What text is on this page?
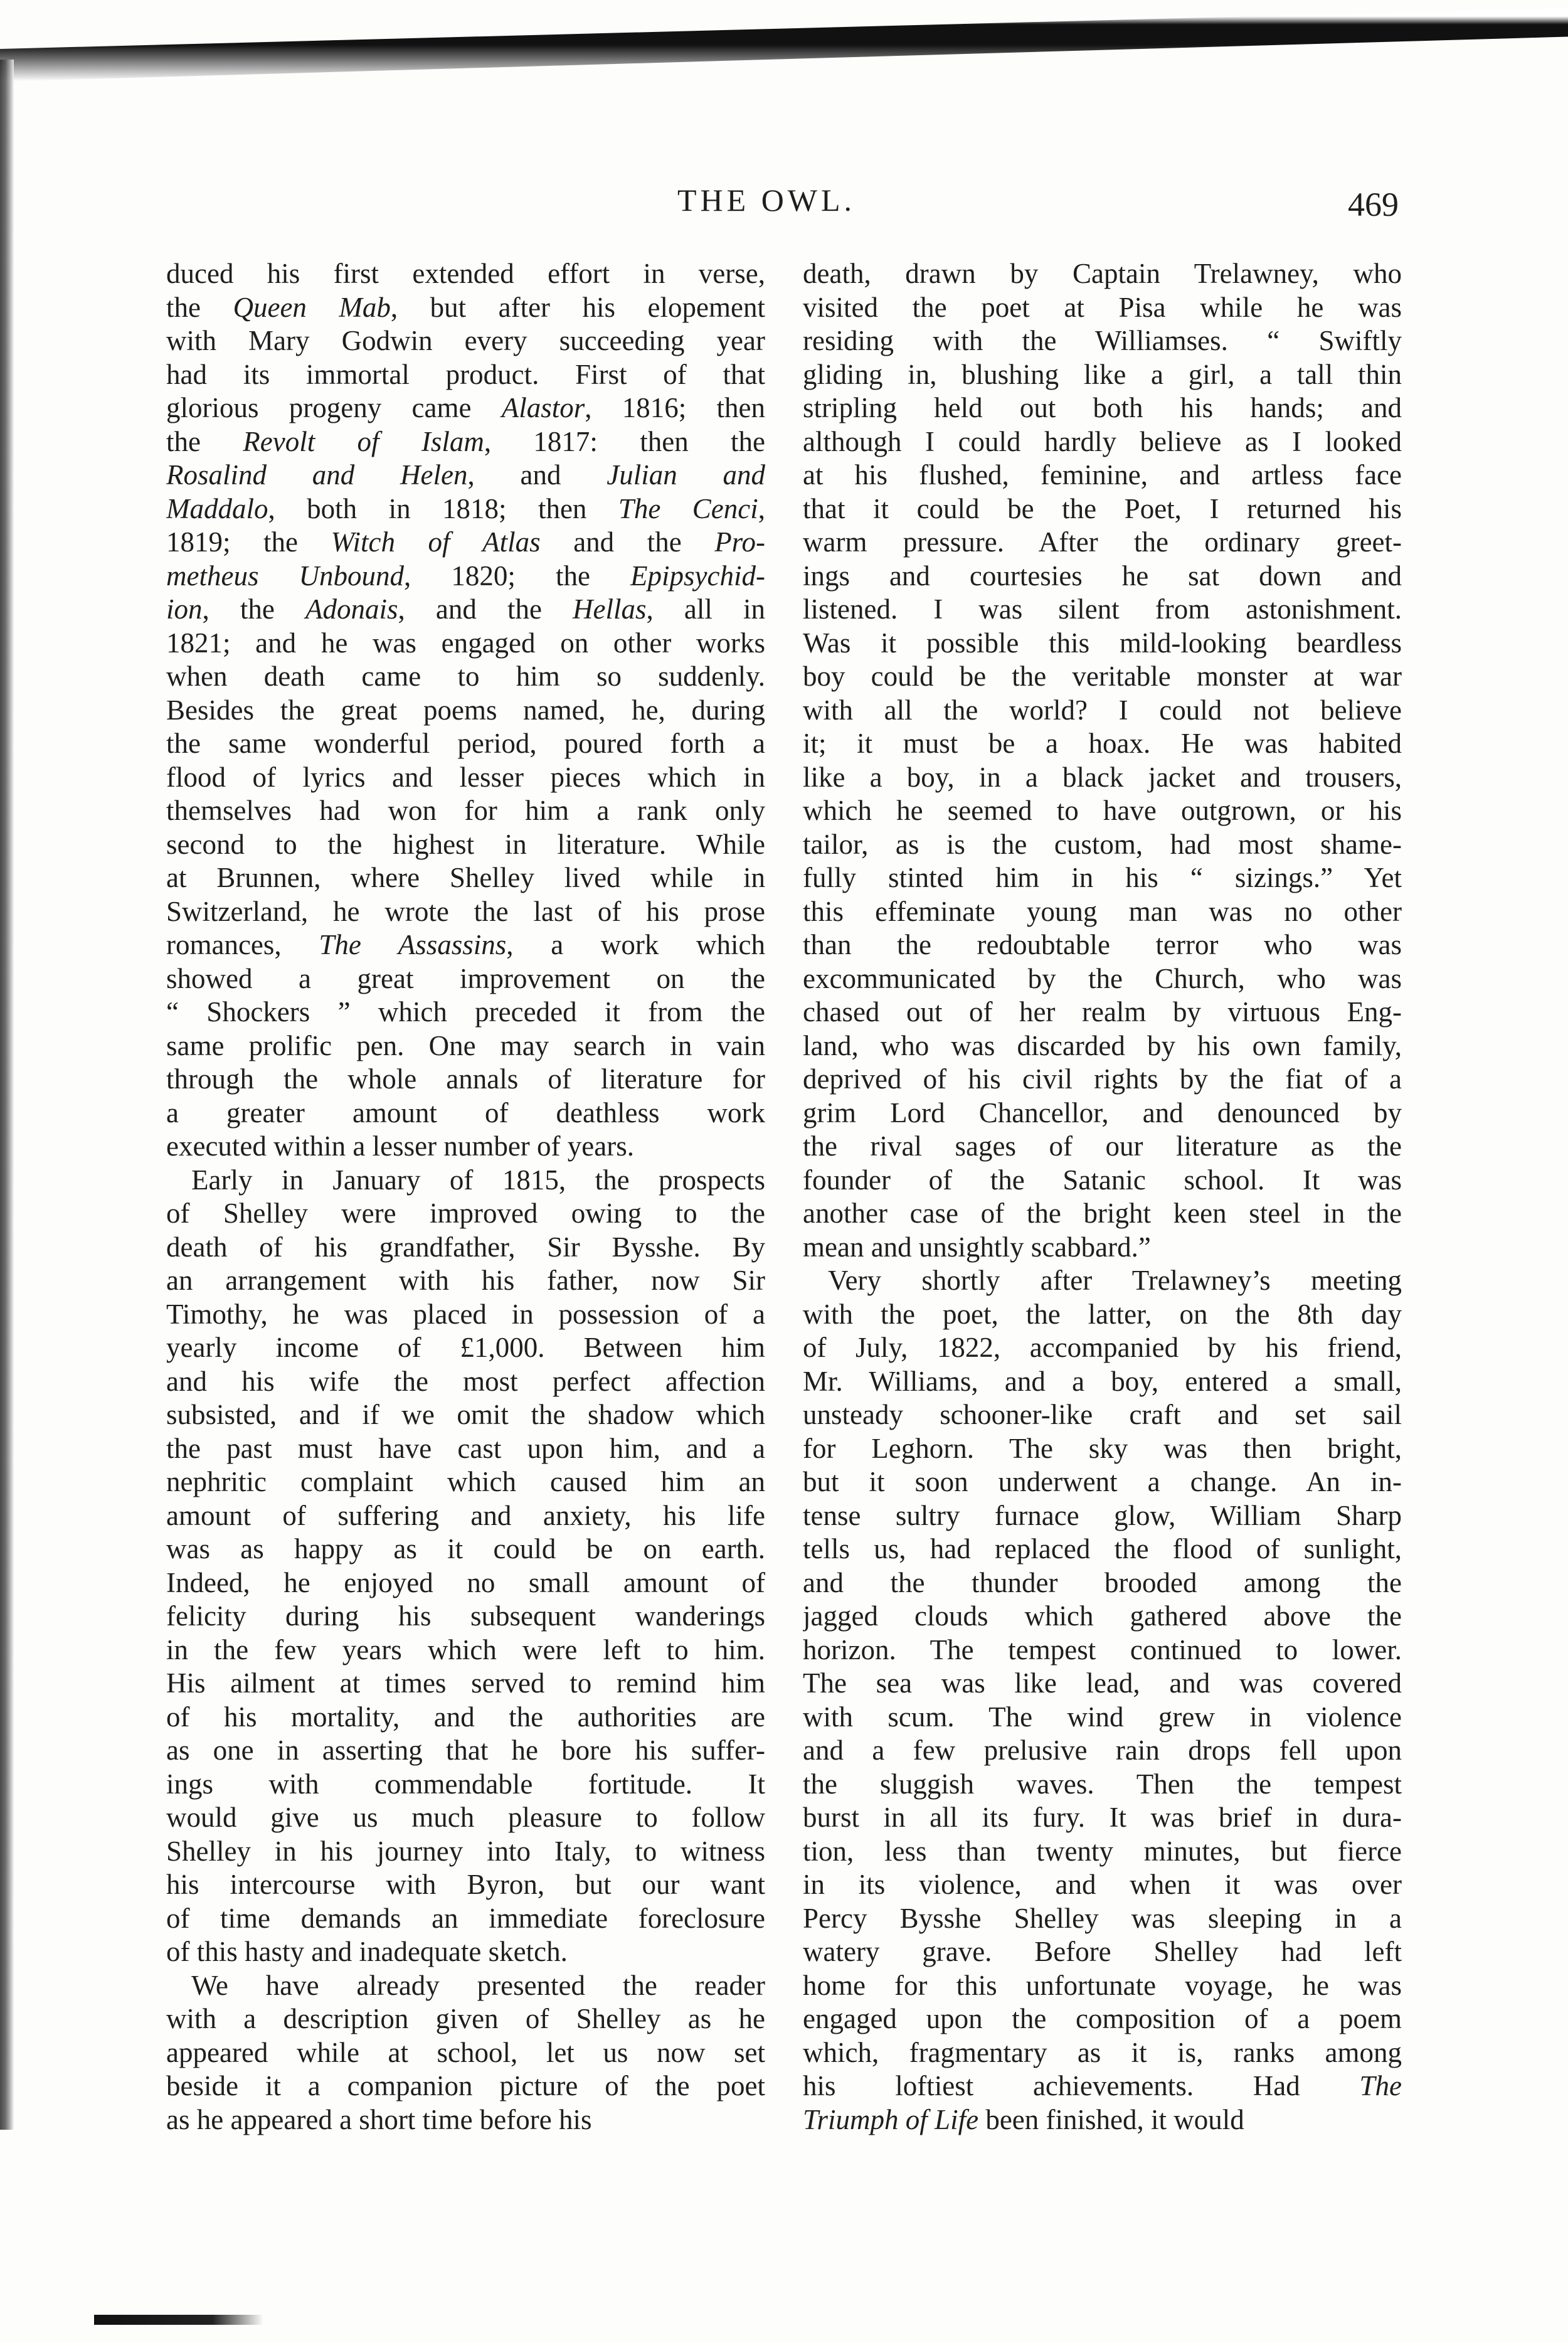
THE OWL.	469

duced his first extended effort in verse,
the Queen Mab, but after his elopement
with Mary Godwin every succeeding year
had its immortal product. First of that
glorious progeny came Alastor, 1816; then
the Revolt of Islam, 1817: then the
Rosalind and Helen, and Julian and
Maddalo, both in 1818; then The Cenci,
1819; the Witch of Atlas and the Pro-
metheus Unbound, 1820; the Epipsychid-
ion, the Adonais, and the Hellas, all in
1821; and he was engaged on other works
when death came to him so suddenly.
Besides the great poems named, he, during
the same wonderful period, poured forth a
flood of lyrics and lesser pieces which in
themselves had won for him a rank only
second to the highest in literature. While
at Brunnen, where Shelley lived while in
Switzerland, he wrote the last of his prose
romances, The Assassins, a work which
showed a great improvement on the
“ Shockers ” which preceded it from the
same prolific pen. One may search in vain
through the whole annals of literature for
a greater amount of deathless work
executed within a lesser number of years.

Early in January of 1815, the prospects
of Shelley were improved owing to the
death of his grandfather, Sir Bysshe. By
an arrangement with his father, now Sir
Timothy, he was placed in possession of a
yearly income of £1,000. Between him
and his wife the most perfect affection
subsisted, and if we omit the shadow which
the past must have cast upon him, and a
nephritic complaint which caused him an
amount of suffering and anxiety, his life
was as happy as it could be on earth.
Indeed, he enjoyed no small amount of
felicity during his subsequent wanderings
in the few years which were left to him.
His ailment at times served to remind him
of his mortality, and the authorities are
as one in asserting that he bore his suffer-
ings with commendable fortitude. It
would give us much pleasure to follow
Shelley in his journey into Italy, to witness
his intercourse with Byron, but our want
of time demands an immediate foreclosure
of this hasty and inadequate sketch.

We have already presented the reader
with a description given of Shelley as he
appeared while at school, let us now set
beside it a companion picture of the poet
as he appeared a short time before his

death, drawn by Captain Trelawney, who
visited the poet at Pisa while he was
residing with the Williamses. “ Swiftly
gliding in, blushing like a girl, a tall thin
stripling held out both his hands; and
although I could hardly believe as I looked
at his flushed, feminine, and artless face
that it could be the Poet, I returned his
warm pressure. After the ordinary greet-
ings and courtesies he sat down and
listened. I was silent from astonishment.
Was it possible this mild-looking beardless
boy could be the veritable monster at war
with all the world? I could not believe
it; it must be a hoax. He was habited
like a boy, in a black jacket and trousers,
which he seemed to have outgrown, or his
tailor, as is the custom, had most shame-
fully stinted him in his “ sizings.” Yet
this effeminate young man was no other
than the redoubtable terror who was
excommunicated by the Church, who was
chased out of her realm by virtuous Eng-
land, who was discarded by his own family,
deprived of his civil rights by the fiat of a
grim Lord Chancellor, and denounced by
the rival sages of our literature as the
founder of the Satanic school. It was
another case of the bright keen steel in the
mean and unsightly scabbard.”

Very shortly after Trelawney’s meeting
with the poet, the latter, on the 8th day
of July, 1822, accompanied by his friend,
Mr. Williams, and a boy, entered a small,
unsteady schooner-like craft and set sail
for Leghorn. The sky was then bright,
but it soon underwent a change. An in-
tense sultry furnace glow, William Sharp
tells us, had replaced the flood of sunlight,
and the thunder brooded among the
jagged clouds which gathered above the
horizon. The tempest continued to lower.
The sea was like lead, and was covered
with scum. The wind grew in violence
and a few prelusive rain drops fell upon
the sluggish waves. Then the tempest
burst in all its fury. It was brief in dura-
tion, less than twenty minutes, but fierce
in its violence, and when it was over
Percy Bysshe Shelley was sleeping in a
watery grave. Before Shelley had left
home for this unfortunate voyage, he was
engaged upon the composition of a poem
which, fragmentary as it is, ranks among
his loftiest achievements. Had The
Triumph of Life been finished, it would
